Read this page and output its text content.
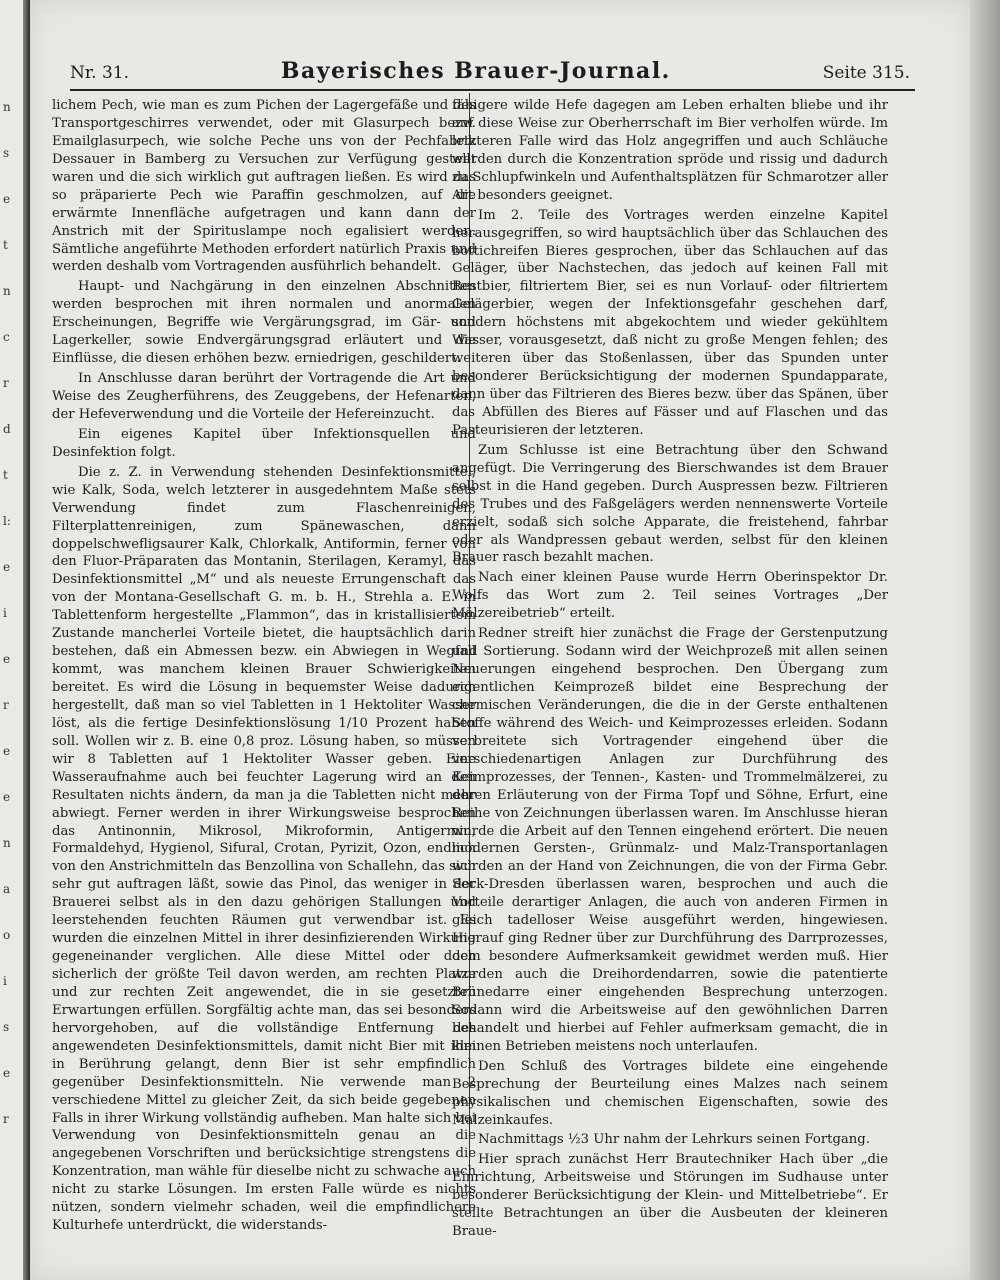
n
s
e
t
n
c
r
d
t
l:
e
i
e
r
e
e
n
a
o
i
s
e
r
Nr. 31.	Bayerisches Brauer-Journal.	Seite 315.

lichem Pech, wie man es zum Pichen der Lagergefäße und des Transportgeschirres verwendet, oder mit Glasurpech bezw. Emailglasurpech, wie solche Peche uns von der Pechfabrik Dessauer in Bamberg zu Versuchen zur Verfügung gestellt waren und die sich wirklich gut auftragen ließen. Es wird das so präparierte Pech wie Paraffin geschmolzen, auf die erwärmte Innenfläche aufgetragen und kann dann der Anstrich mit der Spirituslampe noch egalisiert werden. Sämtliche angeführte Methoden erfordert natürlich Praxis und werden deshalb vom Vortragenden ausführlich behandelt.

Haupt- und Nachgärung in den einzelnen Abschnitten werden besprochen mit ihren normalen und anormalen Erscheinungen, Begriffe wie Vergärungsgrad, im Gär- und Lagerkeller, sowie Endvergärungsgrad erläutert und die Einflüsse, die diesen erhöhen bezw. erniedrigen, geschildert.

In Anschlusse daran berührt der Vortragende die Art und Weise des Zeugherführens, des Zeuggebens, der Hefenarten, der Hefeverwendung und die Vorteile der Hefereinzucht.

Ein eigenes Kapitel über Infektionsquellen und Desinfektion folgt.

Die z. Z. in Verwendung stehenden Desinfektionsmittel, wie Kalk, Soda, welch letzterer in ausgedehntem Maße stets Verwendung findet zum Flaschenreinigen, Filterplattenreinigen, zum Spänewaschen, dann doppelschwefligsaurer Kalk, Chlorkalk, Antiformin, ferner von den Fluor-Präparaten das Montanin, Sterilagen, Keramyl, das Desinfektionsmittel „M“ und als neueste Errungenschaft das von der Montana-Gesellschaft G. m. b. H., Strehla a. E. in Tablettenform hergestellte „Flammon“, das in kristallisiertem Zustande mancherlei Vorteile bietet, die hauptsächlich darin bestehen, daß ein Abmessen bezw. ein Abwiegen in Wegfall kommt, was manchem kleinen Brauer Schwierigkeiten bereitet. Es wird die Lösung in bequemster Weise dadurch hergestellt, daß man so viel Tabletten in 1 Hektoliter Wasser löst, als die fertige Desinfektionslösung 1/10 Prozent haben soll. Wollen wir z. B. eine 0,8 proz. Lösung haben, so müssen wir 8 Tabletten auf 1 Hektoliter Wasser geben. Eine Wasseraufnahme auch bei feuchter Lagerung wird an den Resultaten nichts ändern, da man ja die Tabletten nicht mehr abwiegt. Ferner werden in ihrer Wirkungsweise besprochen das Antinonnin, Mikrosol, Mikroformin, Antigermin, Formaldehyd, Hygienol, Sifural, Crotan, Pyrizit, Ozon, endlich von den Anstrichmitteln das Benzollina von Schallehn, das sich sehr gut auftragen läßt, sowie das Pinol, das weniger in der Brauerei selbst als in den dazu gehörigen Stallungen und leerstehenden feuchten Räumen gut verwendbar ist. Es wurden die einzelnen Mittel in ihrer desinfizierenden Wirkung gegeneinander verglichen. Alle diese Mittel oder doch sicherlich der größte Teil davon werden, am rechten Platze und zur rechten Zeit angewendet, die in sie gesetzten Erwartungen erfüllen. Sorgfältig achte man, das sei besonders hervorgehoben, auf die vollständige Entfernung des angewendeten Desinfektionsmittels, damit nicht Bier mit ihm in Berührung gelangt, denn Bier ist sehr empfindlich gegenüber Desinfektionsmitteln. Nie verwende man 2 verschiedene Mittel zu gleicher Zeit, da sich beide gegebenen Falls in ihrer Wirkung vollständig aufheben. Man halte sich bei Verwendung von Desinfektionsmitteln genau an die angegebenen Vorschriften und berücksichtige strengstens die Konzentration, man wähle für dieselbe nicht zu schwache auch nicht zu starke Lösungen. Im ersten Falle würde es nichts nützen, sondern vielmehr schaden, weil die empfindlichere Kulturhefe unterdrückt, die widerstands-

fähigere wilde Hefe dagegen am Leben erhalten bliebe und ihr auf diese Weise zur Oberherrschaft im Bier verholfen würde. Im letzteren Falle wird das Holz angegriffen und auch Schläuche werden durch die Konzentration spröde und rissig und dadurch zu Schlupfwinkeln und Aufenthaltsplätzen für Schmarotzer aller Art besonders geeignet.

Im 2. Teile des Vortrages werden einzelne Kapitel herausgegriffen, so wird hauptsächlich über das Schlauchen des bottichreifen Bieres gesprochen, über das Schlauchen auf das Geläger, über Nachstechen, das jedoch auf keinen Fall mit Restbier, filtriertem Bier, sei es nun Vorlauf- oder filtriertem Gelägerbier, wegen der Infektionsgefahr geschehen darf, sondern höchstens mit abgekochtem und wieder gekühltem Wasser, vorausgesetzt, daß nicht zu große Mengen fehlen; des weiteren über das Stoßenlassen, über das Spunden unter besonderer Berücksichtigung der modernen Spundapparate, dann über das Filtrieren des Bieres bezw. über das Spänen, über das Abfüllen des Bieres auf Fässer und auf Flaschen und das Pasteurisieren der letzteren.

Zum Schlusse ist eine Betrachtung über den Schwand angefügt. Die Verringerung des Bierschwandes ist dem Brauer selbst in die Hand gegeben. Durch Auspressen bezw. Filtrieren des Trubes und des Faßgelägers werden nennenswerte Vorteile erzielt, sodaß sich solche Apparate, die freistehend, fahrbar oder als Wandpressen gebaut werden, selbst für den kleinen Brauer rasch bezahlt machen.

Nach einer kleinen Pause wurde Herrn Oberinspektor Dr. Wolfs das Wort zum 2. Teil seines Vortrages „Der Mälzereibetrieb“ erteilt.

Redner streift hier zunächst die Frage der Gerstenputzung und Sortierung. Sodann wird der Weichprozeß mit allen seinen Neuerungen eingehend besprochen. Den Übergang zum eigentlichen Keimprozeß bildet eine Besprechung der chemischen Veränderungen, die die in der Gerste enthaltenen Stoffe während des Weich- und Keimprozesses erleiden. Sodann verbreitete sich Vortragender eingehend über die verschiedenartigen Anlagen zur Durchführung des Keimprozesses, der Tennen-, Kasten- und Trommelmälzerei, zu deren Erläuterung von der Firma Topf und Söhne, Erfurt, eine Reihe von Zeichnungen überlassen waren. Im Anschlusse hieran wurde die Arbeit auf den Tennen eingehend erörtert. Die neuen modernen Gersten-, Grünmalz- und Malz-Transportanlagen wurden an der Hand von Zeichnungen, die von der Firma Gebr. Seck-Dresden überlassen waren, besprochen und auch die Vorteile derartiger Anlagen, die auch von anderen Firmen in gleich tadelloser Weise ausgeführt werden, hingewiesen. Hierauf ging Redner über zur Durchführung des Darrprozesses, dem besondere Aufmerksamkeit gewidmet werden muß. Hier wurden auch die Dreihordendarren, sowie die patentierte Brünedarre einer eingehenden Besprechung unterzogen. Sodann wird die Arbeitsweise auf den gewöhnlichen Darren behandelt und hierbei auf Fehler aufmerksam gemacht, die in kleinen Betrieben meistens noch unterlaufen.

Den Schluß des Vortrages bildete eine eingehende Besprechung der Beurteilung eines Malzes nach seinem physikalischen und chemischen Eigenschaften, sowie des Malzeinkaufes.

Nachmittags ½3 Uhr nahm der Lehrkurs seinen Fortgang.

Hier sprach zunächst Herr Brautechniker Hach über „die Einrichtung, Arbeitsweise und Störungen im Sudhause unter besonderer Berücksichtigung der Klein- und Mittelbetriebe“. Er stellte Betrachtungen an über die Ausbeuten der kleineren Braue-
